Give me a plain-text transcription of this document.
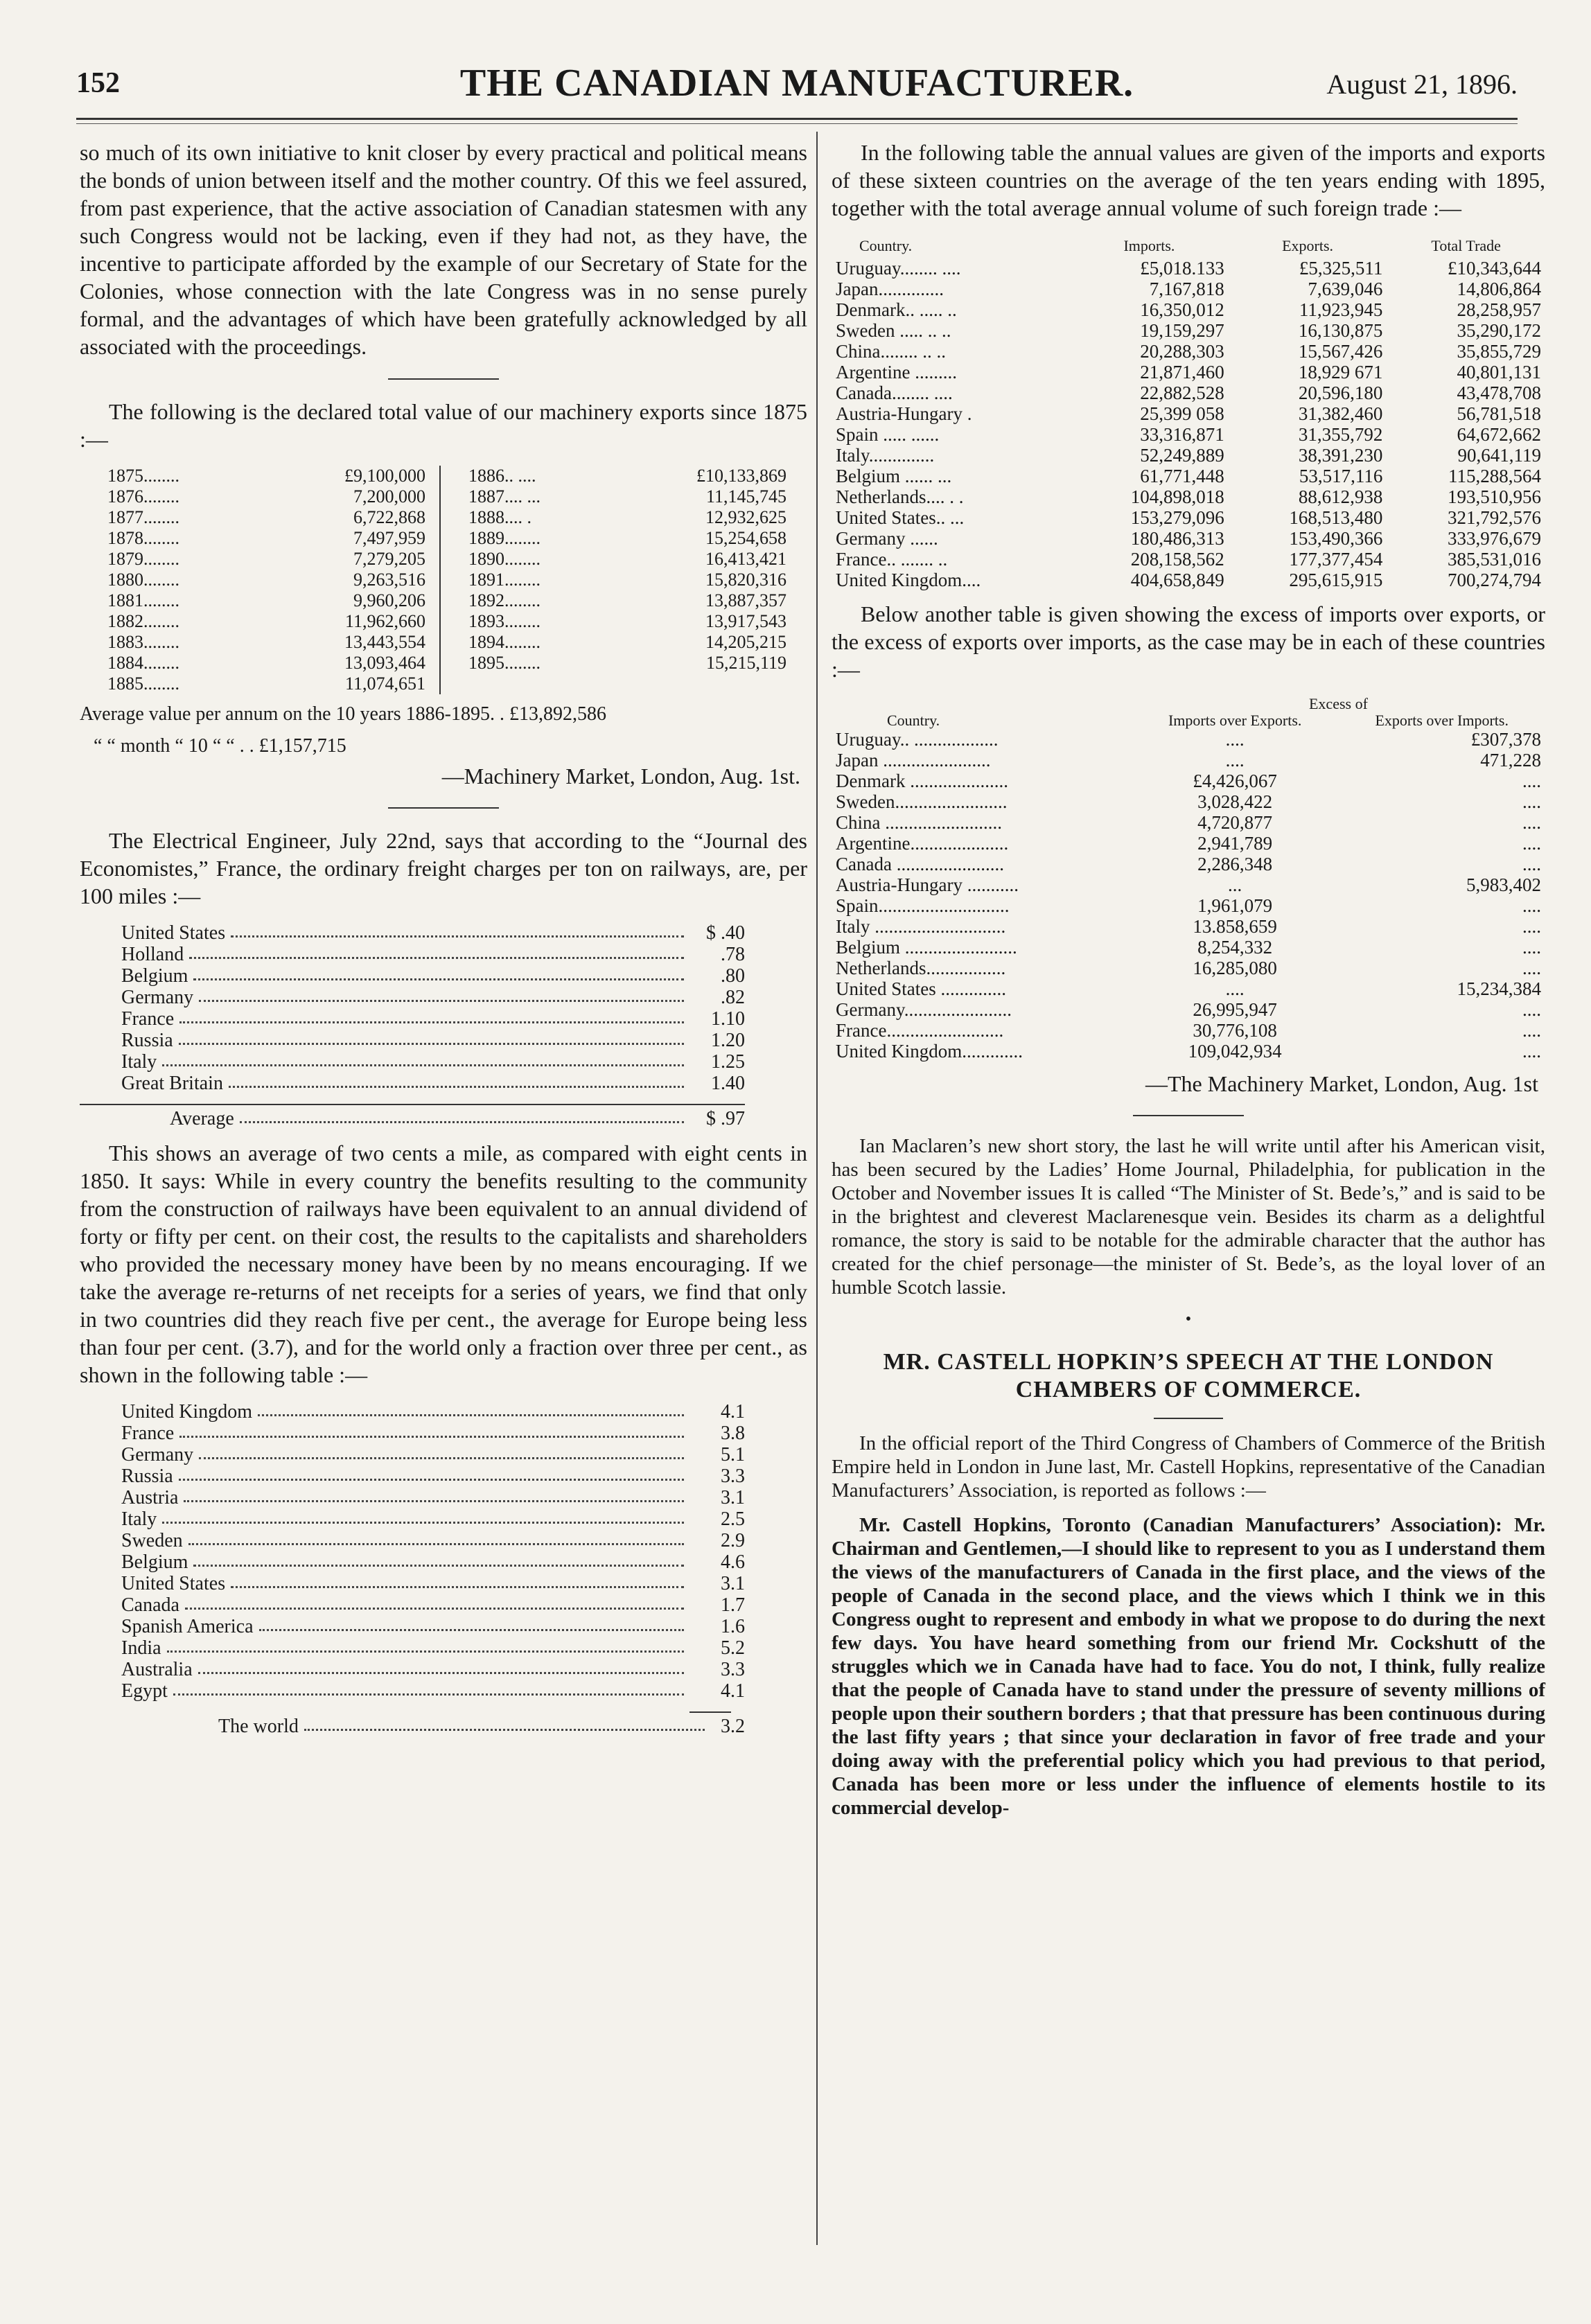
152	THE CANADIAN MANUFACTURER.	August 21, 1896.

so much of its own initiative to knit closer by every practical and political means the bonds of union between itself and the mother country. Of this we feel assured, from past experience, that the active association of Canadian statesmen with any such Congress would not be lacking, even if they had not, as they have, the incentive to participate afforded by the example of our Secretary of State for the Colonies, whose connection with the late Congress was in no sense purely formal, and the advantages of which have been gratefully acknowledged by all associated with the proceedings.

The following is the declared total value of our machinery exports since 1875 :—

1875........	£9,100,000
1876........	7,200,000
1877........	6,722,868
1878........	7,497,959
1879........	7,279,205
1880........	9,263,516
1881........	9,960,206
1882........	11,962,660
1883........	13,443,554
1884........	13,093,464
1885........	11,074,651
1886.. ....	£10,133,869
1887.... ...	11,145,745
1888.... .	12,932,625
1889........	15,254,658
1890........	16,413,421
1891........	15,820,316
1892........	13,887,357
1893........	13,917,543
1894........	14,205,215
1895........	15,215,119
Average value per annum on the 10 years 1886-1895. . £13,892,586
“ “ month “ 10 “ “ . . £1,157,715
—Machinery Market, London, Aug. 1st.

The Electrical Engineer, July 22nd, says that according to the “Journal des Economistes,” France, the ordinary freight charges per ton on railways, are, per 100 miles :—

United States	$ .40
Holland	.78
Belgium	.80
Germany	.82
France	1.10
Russia	1.20
Italy	1.25
Great Britain	1.40
Average	$ .97

This shows an average of two cents a mile, as compared with eight cents in 1850. It says: While in every country the benefits resulting to the community from the construction of railways have been equivalent to an annual dividend of forty or fifty per cent. on their cost, the results to the capitalists and shareholders who provided the necessary money have been by no means encouraging. If we take the average re-returns of net receipts for a series of years, we find that only in two countries did they reach five per cent., the average for Europe being less than four per cent. (3.7), and for the world only a fraction over three per cent., as shown in the following table :—

United Kingdom	4.1
France	3.8
Germany	5.1
Russia	3.3
Austria	3.1
Italy	2.5
Sweden	2.9
Belgium	4.6
United States	3.1
Canada	1.7
Spanish America	1.6
India	5.2
Australia	3.3
Egypt	4.1
The world	3.2

In the following table the annual values are given of the imports and exports of these sixteen countries on the average of the ten years ending with 1895, together with the total average annual volume of such foreign trade :—

Country.	Imports.	Exports.	Total Trade
Uruguay........ ....	£5,018.133	£5,325,511	£10,343,644
Japan..............	7,167,818	7,639,046	14,806,864
Denmark.. ..... ..	16,350,012	11,923,945	28,258,957
Sweden ..... .. ..	19,159,297	16,130,875	35,290,172
China........ .. ..	20,288,303	15,567,426	35,855,729
Argentine .........	21,871,460	18,929 671	40,801,131
Canada........ ....	22,882,528	20,596,180	43,478,708
Austria-Hungary .	25,399 058	31,382,460	56,781,518
Spain ..... ......	33,316,871	31,355,792	64,672,662
Italy..............	52,249,889	38,391,230	90,641,119
Belgium ...... ...	61,771,448	53,517,116	115,288,564
Netherlands.... . .	104,898,018	88,612,938	193,510,956
United States.. ...	153,279,096	168,513,480	321,792,576
Germany ......	180,486,313	153,490,366	333,976,679
France.. ....... ..	208,158,562	177,377,454	385,531,016
United Kingdom....	404,658,849	295,615,915	700,274,794

Below another table is given showing the excess of imports over exports, or the excess of exports over imports, as the case may be in each of these countries :—

	Excess of	
Country.	Imports over Exports.	Exports over Imports.
Uruguay.. ..................	....	£307,378
Japan .......................	....	471,228
Denmark .....................	£4,426,067	....
Sweden........................	3,028,422	....
China .........................	4,720,877	....
Argentine.....................	2,941,789	....
Canada .......................	2,286,348	....
Austria-Hungary ...........	...	5,983,402
Spain............................	1,961,079	....
Italy ............................	13.858,659	....
Belgium ........................	8,254,332	....
Netherlands.................	16,285,080	....
United States ..............	....	15,234,384
Germany.......................	26,995,947	....
France.........................	30,776,108	....
United Kingdom.............	109,042,934	....
—The Machinery Market, London, Aug. 1st

Ian Maclaren’s new short story, the last he will write until after his American visit, has been secured by the Ladies’ Home Journal, Philadelphia, for publication in the October and November issues It is called “The Minister of St. Bede’s,” and is said to be in the brightest and cleverest Maclarenesque vein. Besides its charm as a delightful romance, the story is said to be notable for the admirable character that the author has created for the chief personage—the minister of St. Bede’s, as the loyal lover of an humble Scotch lassie.

•
MR. CASTELL HOPKIN’S SPEECH AT THE LONDON CHAMBERS OF COMMERCE.

In the official report of the Third Congress of Chambers of Commerce of the British Empire held in London in June last, Mr. Castell Hopkins, representative of the Canadian Manufacturers’ Association, is reported as follows :—

Mr. Castell Hopkins, Toronto (Canadian Manufacturers’ Association): Mr. Chairman and Gentlemen,—I should like to represent to you as I understand them the views of the manufacturers of Canada in the first place, and the views of the people of Canada in the second place, and the views which I think we in this Congress ought to represent and embody in what we propose to do during the next few days. You have heard something from our friend Mr. Cockshutt of the struggles which we in Canada have had to face. You do not, I think, fully realize that the people of Canada have to stand under the pressure of seventy millions of people upon their southern borders ; that that pressure has been continuous during the last fifty years ; that since your declaration in favor of free trade and your doing away with the preferential policy which you had previous to that period, Canada has been more or less under the influence of elements hostile to its commercial develop-
